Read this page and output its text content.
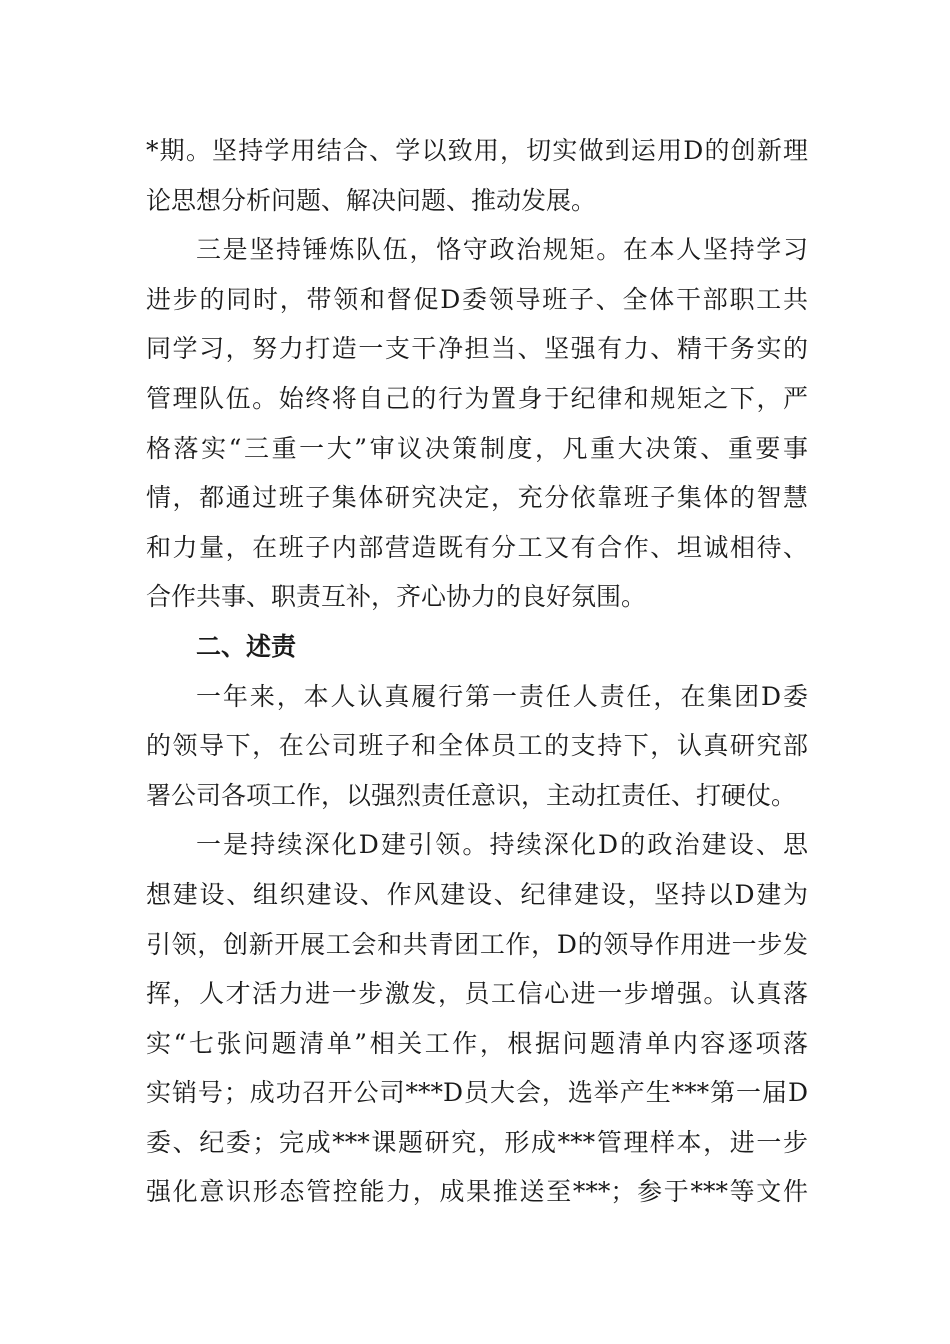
*期。坚持学用结合、学以致用，切实做到运用D的创新理
论思想分析问题、解决问题、推动发展。
三是坚持锤炼队伍，恪守政治规矩。在本人坚持学习
进步的同时，带领和督促D委领导班子、全体干部职工共
同学习，努力打造一支干净担当、坚强有力、精干务实的
管理队伍。始终将自己的行为置身于纪律和规矩之下，严
格落实“三重一大”审议决策制度，凡重大决策、重要事
情，都通过班子集体研究决定，充分依靠班子集体的智慧
和力量，在班子内部营造既有分工又有合作、坦诚相待、
合作共事、职责互补，齐心协力的良好氛围。
二、述责
一年来，本人认真履行第一责任人责任，在集团D委
的领导下，在公司班子和全体员工的支持下，认真研究部
署公司各项工作，以强烈责任意识，主动扛责任、打硬仗。
一是持续深化D建引领。持续深化D的政治建设、思
想建设、组织建设、作风建设、纪律建设，坚持以D建为
引领，创新开展工会和共青团工作，D的领导作用进一步发
挥，人才活力进一步激发，员工信心进一步增强。认真落
实“七张问题清单”相关工作，根据问题清单内容逐项落
实销号；成功召开公司***D员大会，选举产生***第一届D
委、纪委；完成***课题研究，形成***管理样本，进一步
强化意识形态管控能力，成果推送至***；参于***等文件
